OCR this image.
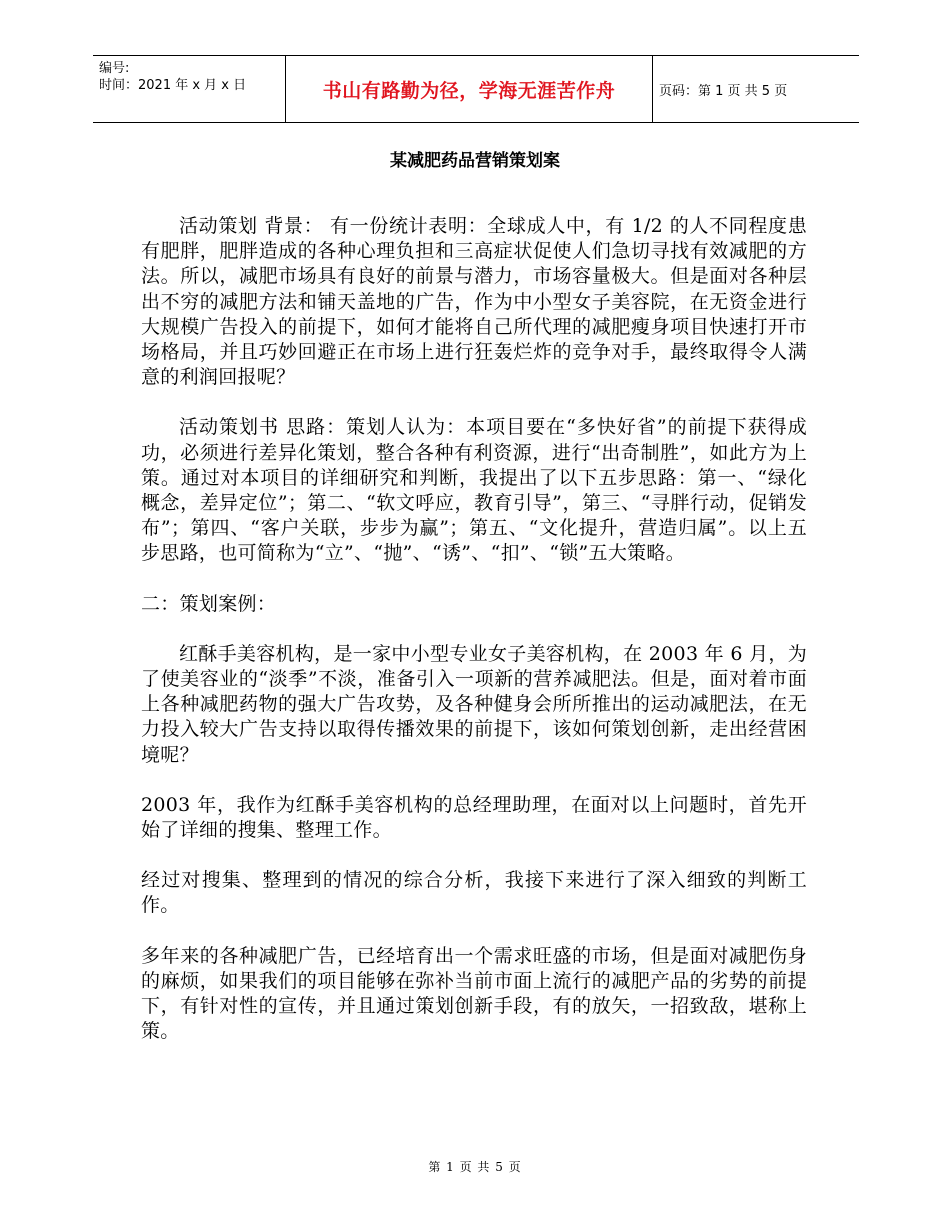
编号:
时间：2021 年 x 月 x 日	书山有路勤为径，学海无涯苦作舟	页码：第 1 页 共 5 页
某减肥药品营销策划案

活动策划 背景： 有一份统计表明：全球成人中，有 1/2 的人不同程度患有肥胖，肥胖造成的各种心理负担和三高症状促使人们急切寻找有效减肥的方法。所以，减肥市场具有良好的前景与潜力，市场容量极大。但是面对各种层出不穷的减肥方法和铺天盖地的广告，作为中小型女子美容院，在无资金进行大规模广告投入的前提下，如何才能将自己所代理的减肥瘦身项目快速打开市场格局，并且巧妙回避正在市场上进行狂轰烂炸的竞争对手，最终取得令人满意的利润回报呢？

活动策划书 思路：策划人认为：本项目要在“多快好省”的前提下获得成功，必须进行差异化策划，整合各种有利资源，进行“出奇制胜”，如此方为上策。通过对本项目的详细研究和判断，我提出了以下五步思路：第一、“绿化概念，差异定位”；第二、“软文呼应，教育引导”，第三、“寻胖行动，促销发布”；第四、“客户关联，步步为赢”；第五、“文化提升，营造归属”。以上五步思路，也可简称为“立”、“抛”、“诱”、“扣”、“锁”五大策略。

二：策划案例：

红酥手美容机构，是一家中小型专业女子美容机构，在 2003 年 6 月，为了使美容业的“淡季”不淡，准备引入一项新的营养减肥法。但是，面对着市面上各种减肥药物的强大广告攻势，及各种健身会所所推出的运动减肥法，在无力投入较大广告支持以取得传播效果的前提下，该如何策划创新，走出经营困境呢？

2003 年，我作为红酥手美容机构的总经理助理，在面对以上问题时，首先开始了详细的搜集、整理工作。

经过对搜集、整理到的情况的综合分析，我接下来进行了深入细致的判断工作。

多年来的各种减肥广告，已经培育出一个需求旺盛的市场，但是面对减肥伤身的麻烦，如果我们的项目能够在弥补当前市面上流行的减肥产品的劣势的前提下，有针对性的宣传，并且通过策划创新手段，有的放矢，一招致敌，堪称上策。

第 1 页 共 5 页
